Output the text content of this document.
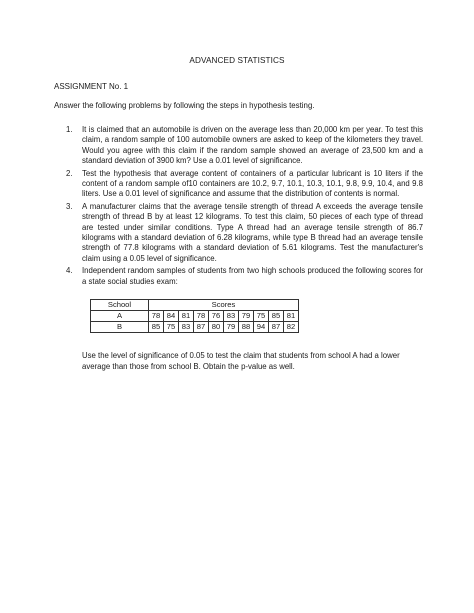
ADVANCED STATISTICS
ASSIGNMENT No. 1
Answer the following problems by following the steps in hypothesis testing.
1. It is claimed that an automobile is driven on the average less than 20,000 km per year. To test this claim, a random sample of 100 automobile owners are asked to keep of the kilometers they travel. Would you agree with this claim if the random sample showed an average of 23,500 km and a standard deviation of 3900 km? Use a 0.01 level of significance.
2. Test the hypothesis that average content of containers of a particular lubricant is 10 liters if the content of a random sample of10 containers are 10.2, 9.7, 10.1, 10.3, 10.1, 9.8, 9.9, 10.4, and 9.8 liters. Use a 0.01 level of significance and assume that the distribution of contents is normal.
3. A manufacturer claims that the average tensile strength of thread A exceeds the average tensile strength of thread B by at least 12 kilograms. To test this claim, 50 pieces of each type of thread are tested under similar conditions. Type A thread had an average tensile strength of 86.7 kilograms with a standard deviation of 6.28 kilograms, while type B thread had an average tensile strength of 77.8 kilograms with a standard deviation of 5.61 kilograms. Test the manufacturer's claim using a 0.05 level of significance.
4. Independent random samples of students from two high schools produced the following scores for a state social studies exam:
School	Scores									
A	78	84	81	78	76	83	79	75	85	81
B	85	75	83	87	80	79	88	94	87	82
Use the level of significance of 0.05 to test the claim that students from school A had a lower average than those from school B. Obtain the p-value as well.
